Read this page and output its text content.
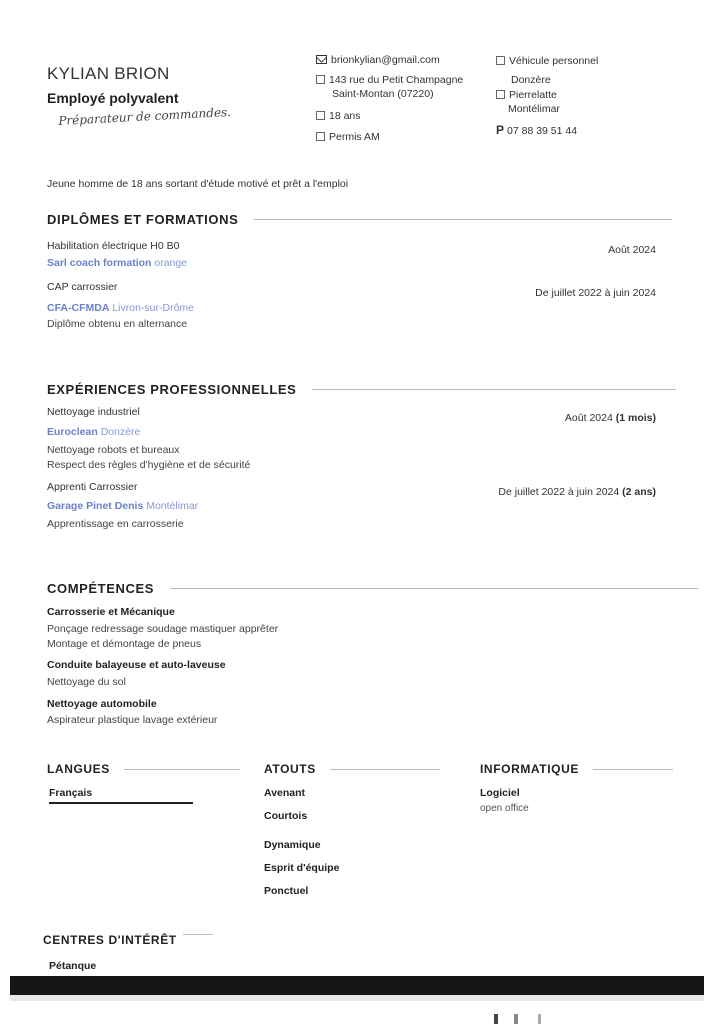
KYLIAN BRION
Employé polyvalent
Préparateur de commandes.
brionkylian@gmail.com
143 rue du Petit Champagne
Saint-Montan (07220)
18 ans
Permis AM
Véhicule personnel
Donzère
Pierrelatte
Montélimar
P 07 88 39 51 44
Jeune homme de 18 ans sortant d'étude motivé et prêt a l'emploi
DIPLÔMES ET FORMATIONS
Habilitation électrique H0 B0
Sarl coach formation orange
Août 2024
CAP carrossier
CFA-CFMDA Livron-sur-Drôme
De juillet 2022 à juin 2024
Diplôme obtenu en alternance
EXPÉRIENCES PROFESSIONNELLES
Nettoyage industriel
Euroclean Donzère
Août 2024 (1 mois)
Nettoyage robots et bureaux
Respect des règles d'hygiène et de sécurité
Apprenti Carrossier
Garage Pinet Denis Montélimar
De juillet 2022 à juin 2024 (2 ans)
Apprentissage en carrosserie
COMPÉTENCES
Carrosserie et Mécanique
Ponçage redressage soudage mastiquer apprêter
Montage et démontage de pneus
Conduite balayeuse et auto-laveuse
Nettoyage du sol
Nettoyage automobile
Aspirateur plastique lavage extérieur
LANGUES
Français
ATOUTS
Avenant
Courtois
Dynamique
Esprit d'équipe
Ponctuel
INFORMATIQUE
Logiciel
open office
CENTRES D'INTÉRÊT
Pétanque
